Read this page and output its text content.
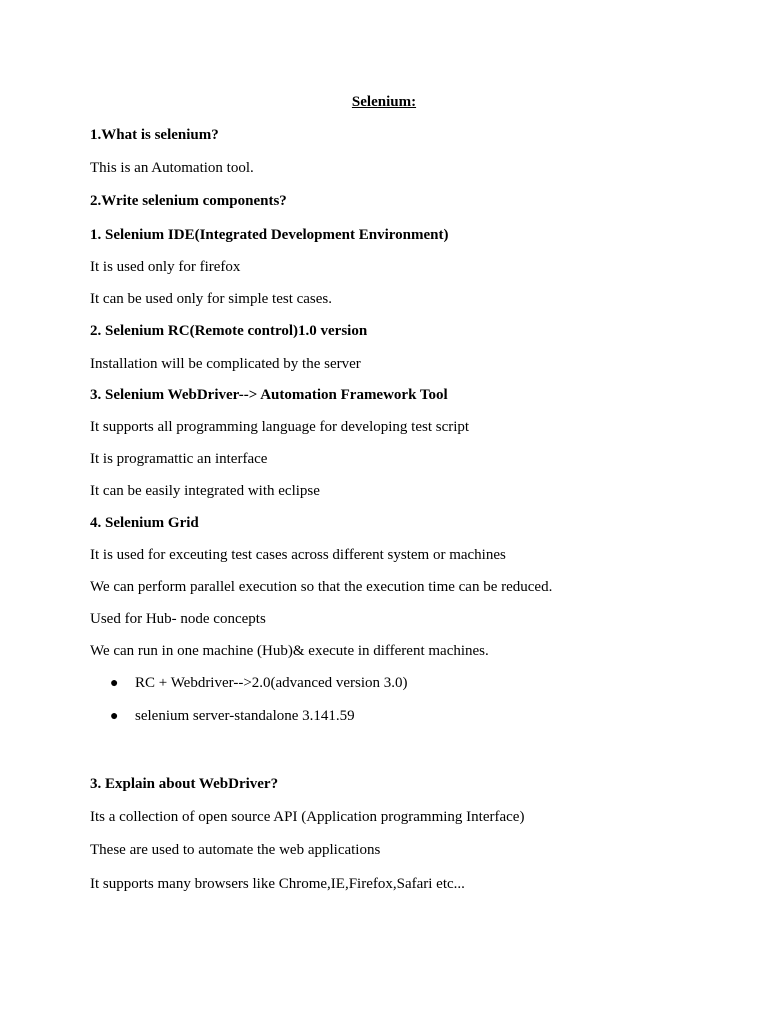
Selenium:
1.What is selenium?
This is an Automation tool.
2.Write selenium components?
1. Selenium IDE(Integrated Development Environment)
It is used only for firefox
It can be used only for simple test cases.
2. Selenium RC(Remote control)1.0 version
Installation will be complicated by the server
3. Selenium WebDriver--> Automation Framework Tool
It supports all programming language for developing test script
It is programattic an interface
It can be easily integrated with eclipse
4. Selenium Grid
It is used for exceuting test cases across different system or machines
We can perform parallel execution so that the execution time can be reduced.
Used for Hub- node concepts
We can run in one machine (Hub)& execute in different machines.
● RC + Webdriver-->2.0(advanced version 3.0)
● selenium server-standalone 3.141.59
3. Explain about WebDriver?
Its a collection of open source API (Application programming Interface)
These are used to automate the web applications
It supports many browsers like Chrome,IE,Firefox,Safari etc...
